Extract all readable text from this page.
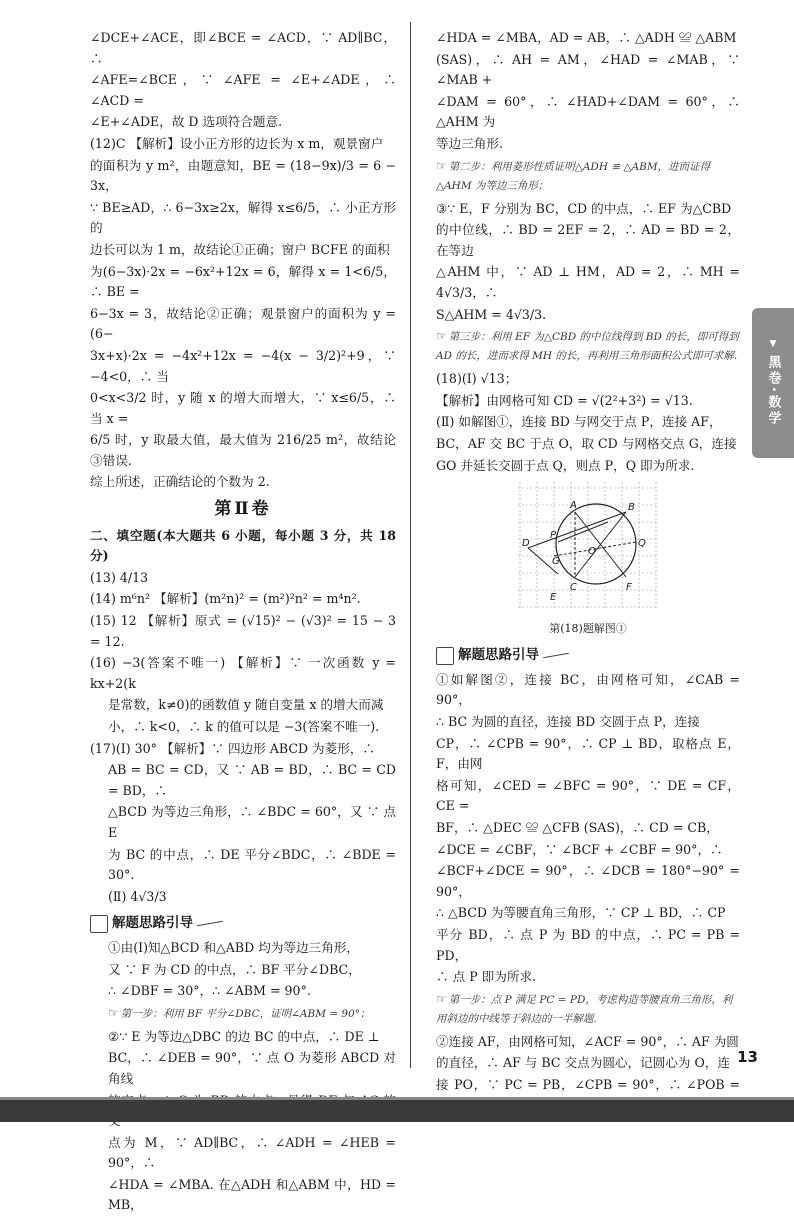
∠DCE+∠ACE，即∠BCE = ∠ACD，∵ AD∥BC，∴

∠AFE=∠BCE，∵ ∠AFE = ∠E+∠ADE，∴ ∠ACD =

∠E+∠ADE，故 D 选项符合题意.

(12)C 【解析】设小正方形的边长为 x m，观景窗户

的面积为 y m²，由题意知，BE = (18−9x)/3 = 6 − 3x，

∵ BE≥AD，∴ 6−3x≥2x，解得 x≤6/5，∴ 小正方形的

边长可以为 1 m，故结论①正确；窗户 BCFE 的面积

为(6−3x)·2x = −6x²+12x = 6，解得 x = 1<6/5，∴ BE =

6−3x = 3，故结论②正确；观景窗户的面积为 y = (6−

3x+x)·2x = −4x²+12x = −4(x − 3/2)²+9，∵ −4<0，∴ 当

0<x<3/2 时，y 随 x 的增大而增大，∵ x≤6/5，∴ 当 x =

6/5 时，y 取最大值，最大值为 216/25 m²，故结论③错误.

综上所述，正确结论的个数为 2.

第Ⅱ卷

二、填空题(本大题共 6 小题，每小题 3 分，共 18 分)

(13) 4/13

(14) m⁶n² 【解析】(m²n)² = (m²)²n² = m⁴n².

(15) 12 【解析】原式 = (√15)² − (√3)² = 15 − 3 = 12.

(16) −3(答案不唯一) 【解析】∵ 一次函数 y = kx+2(k

是常数，k≠0)的函数值 y 随自变量 x 的增大而减

小，∴ k<0，∴ k 的值可以是 −3(答案不唯一).

(17)(Ⅰ) 30° 【解析】∵ 四边形 ABCD 为菱形，∴

AB = BC = CD，又 ∵ AB = BD，∴ BC = CD = BD，∴

△BCD 为等边三角形，∴ ∠BDC = 60°，又 ∵ 点 E

为 BC 的中点，∴ DE 平分∠BDC，∴ ∠BDE = 30°.

(Ⅱ) 4√3/3

解题思路引导

①由(Ⅰ)知△BCD 和△ABD 均为等边三角形，

又 ∵ F 为 CD 的中点，∴ BF 平分∠DBC，

∴ ∠DBF = 30°，∴ ∠ABM = 90°.

☞ 第一步：利用 BF 平分∠DBC，证明∠ABM = 90°；

②∵ E 为等边△DBC 的边 BC 的中点，∴ DE ⊥

BC，∴ ∠DEB = 90°，∵ 点 O 为菱形 ABCD 对角线

点为 M，∵ AD∥BC，∴ ∠ADH = ∠HEB = 90°，∴

∠HDA = ∠MBA. 在△ADH 和△ABM 中，HD = MB，

∠HDA = ∠MBA，AD = AB，∴ △ADH ≌ △ABM

(SAS)，∴ AH = AM，∠HAD = ∠MAB，∵ ∠MAB +

∠DAM = 60°，∴ ∠HAD+∠DAM = 60°，∴ △AHM 为

等边三角形.

☞ 第二步：利用菱形性质证明△ADH ≌ △ABM，进而证得△AHM 为等边三角形；

③∵ E，F 分别为 BC，CD 的中点，∴ EF 为△CBD

的中位线，∴ BD = 2EF = 2，∴ AD = BD = 2，在等边

△AHM 中，∵ AD ⊥ HM，AD = 2，∴ MH = 4√3/3，∴

S△AHM = 4√3/3.

☞ 第三步：利用 EF 为△CBD 的中位线得到 BD 的长，即可得到 AD 的长，进而求得 MH 的长，再利用三角形面积公式即可求解.

(18)(Ⅰ) √13；

【解析】由网格可知 CD = √(2²+3²) = √13.

(Ⅱ) 如解图①，连接 BD 与网交于点 P，连接 AF，

BC，AF 交 BC 于点 O，取 CD 与网格交点 G，连接

GO 并延长交圆于点 Q，则点 P，Q 即为所求.

A	B
C
D
E
F
G
O
P
Q
第(18)题解图①
解题思路引导

①如解图②，连接 BC，由网格可知，∠CAB = 90°，

∴ BC 为圆的直径，连接 BD 交圆于点 P，连接

CP，∴ ∠CPB = 90°，∴ CP ⊥ BD，取格点 E，F，由网

格可知，∠CED = ∠BFC = 90°，∵ DE = CF，CE =

BF，∴ △DEC ≌ △CFB (SAS)，∴ CD = CB，

∠DCE = ∠CBF，∵ ∠BCF + ∠CBF = 90°，∴

∠BCF+∠DCE = 90°，∴ ∠DCB = 180°−90° = 90°，

∴ △BCD 为等腰直角三角形，∵ CP ⊥ BD，∴ CP

平分 BD，∴ 点 P 为 BD 的中点，∴ PC = PB = PD，

∴ 点 P 即为所求.

☞ 第一步：点 P 满足 PC = PD，考虑构造等腰直角三角形，利用斜边的中线等于斜边的一半解题.

②连接 AF，由网格可知，∠ACF = 90°，∴ AF 为圆

的直径，∴ AF 与 BC 交点为圆心，记圆心为 O，连

接 PO，∵ PC = PB，∠CPB = 90°，∴ ∠POB =

▼
黑卷·数学
13
